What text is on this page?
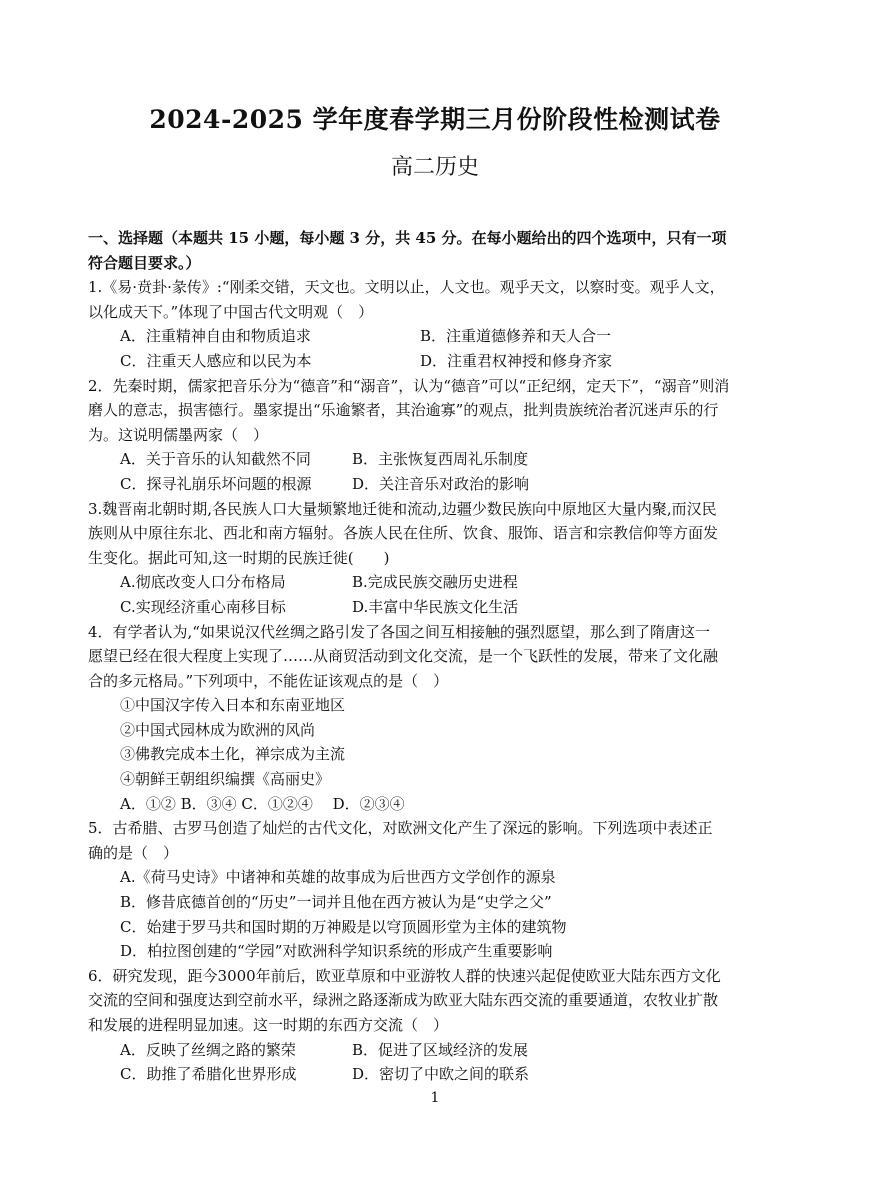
2024-2025 学年度春学期三月份阶段性检测试卷
高二历史

一、选择题（本题共 15 小题，每小题 3 分，共 45 分。在每小题给出的四个选项中，只有一项

符合题目要求。）

1.《易·贲卦·彖传》:“刚柔交错，天文也。文明以止，人文也。观乎天文，以察时变。观乎人文，

以化成天下。”体现了中国古代文明观（　）

A．注重精神自由和物质追求	B．注重道德修养和天人合一
C．注重天人感应和以民为本	D．注重君权神授和修身齐家

2．先秦时期，儒家把音乐分为“德音”和“溺音”，认为“德音”可以“正纪纲，定天下”，“溺音”则消

磨人的意志，损害德行。墨家提出“乐逾繁者，其治逾寡”的观点，批判贵族统治者沉迷声乐的行

为。这说明儒墨两家（　）

A．关于音乐的认知截然不同	B．主张恢复西周礼乐制度
C．探寻礼崩乐坏问题的根源	D．关注音乐对政治的影响

3.魏晋南北朝时期,各民族人口大量频繁地迁徙和流动,边疆少数民族向中原地区大量内聚,而汉民

族则从中原往东北、西北和南方辐射。各族人民在住所、饮食、服饰、语言和宗教信仰等方面发

生变化。据此可知,这一时期的民族迁徙(　　)

A.彻底改变人口分布格局	B.完成民族交融历史进程
C.实现经济重心南移目标	D.丰富中华民族文化生活

4．有学者认为,“如果说汉代丝绸之路引发了各国之间互相接触的强烈愿望，那么到了隋唐这一

愿望已经在很大程度上实现了……从商贸活动到文化交流，是一个飞跃性的发展，带来了文化融

合的多元格局。”下列项中，不能佐证该观点的是（　）

①中国汉字传入日本和东南亚地区

②中国式园林成为欧洲的风尚

③佛教完成本土化，禅宗成为主流

④朝鲜王朝组织编撰《高丽史》

A．①② B．③④ C．①②④　 D．②③④

5．古希腊、古罗马创造了灿烂的古代文化，对欧洲文化产生了深远的影响。下列选项中表述正

确的是（　）

A.《荷马史诗》中诸神和英雄的故事成为后世西方文学创作的源泉

B．修昔底德首创的“历史”一词并且他在西方被认为是“史学之父”

C．始建于罗马共和国时期的万神殿是以穹顶圆形堂为主体的建筑物

D．柏拉图创建的“学园”对欧洲科学知识系统的形成产生重要影响

6．研究发现，距今3000年前后，欧亚草原和中亚游牧人群的快速兴起促使欧亚大陆东西方文化

交流的空间和强度达到空前水平，绿洲之路逐渐成为欧亚大陆东西交流的重要通道，农牧业扩散

和发展的进程明显加速。这一时期的东西方交流（　）

A．反映了丝绸之路的繁荣	B．促进了区域经济的发展
C．助推了希腊化世界形成	D．密切了中欧之间的联系
1
